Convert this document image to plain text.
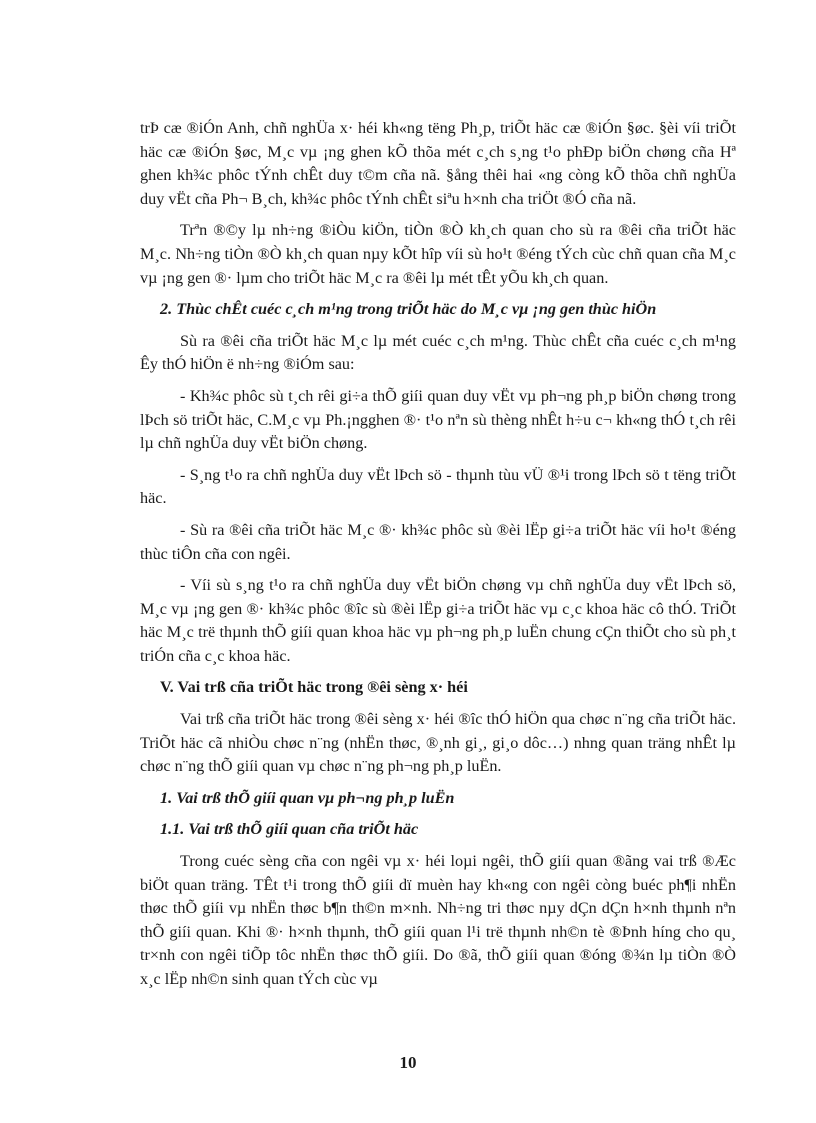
trÞ cæ ®iÓn Anh, chñ nghÜa x· héi kh«ng tëng Ph¸p, triÕt häc cæ ®iÓn §øc. §èi víi triÕt häc cæ ®iÓn §øc, M¸c vµ ¡ng ghen kÕ thõa mét c¸ch s¸ng t¹o phÐp biÖn chøng cña Hª ghen kh¾c phôc tÝnh chÊt duy t©m cña nã. §ång thêi hai «ng còng kÕ thõa chñ nghÜa duy vËt cña Ph¬ B¸ch, kh¾c phôc tÝnh chÊt siªu h×nh cha triÖt ®Ó cña nã.

Trªn ®©y lµ nh÷ng ®iÒu kiÖn, tiÒn ®Ò kh¸ch quan cho sù ra ®êi cña triÕt häc M¸c. Nh÷ng tiÒn ®Ò kh¸ch quan nµy kÕt hîp víi sù ho¹t ®éng tÝch cùc chñ quan cña M¸c vµ ¡ng gen ®· lµm cho triÕt häc M¸c ra ®êi lµ mét tÊt yÕu kh¸ch quan.

2. Thùc chÊt cuéc c¸ch m¹ng trong triÕt häc do M¸c vµ ¡ng gen thùc hiÖn

Sù ra ®êi cña triÕt häc M¸c lµ mét cuéc c¸ch m¹ng. Thùc chÊt cña cuéc c¸ch m¹ng Êy thÓ hiÖn ë nh÷ng ®iÓm sau:

- Kh¾c phôc sù t¸ch rêi gi÷a thÕ giíi quan duy vËt vµ ph¬ng ph¸p biÖn chøng trong lÞch sö triÕt häc, C.M¸c vµ Ph.¡ngghen ®· t¹o nªn sù thèng nhÊt h÷u c¬ kh«ng thÓ t¸ch rêi lµ chñ nghÜa duy vËt biÖn chøng.

- S¸ng t¹o ra chñ nghÜa duy vËt lÞch sö - thµnh tùu vÜ ®¹i trong lÞch sö t tëng triÕt häc.

- Sù ra ®êi cña triÕt häc M¸c ®· kh¾c phôc sù ®èi lËp gi÷a triÕt häc víi ho¹t ®éng thùc tiÔn cña con ngêi.

- Víi sù s¸ng t¹o ra chñ nghÜa duy vËt biÖn chøng vµ chñ nghÜa duy vËt lÞch sö, M¸c vµ ¡ng gen ®· kh¾c phôc ®îc sù ®èi lËp gi÷a triÕt häc vµ c¸c khoa häc cô thÓ. TriÕt häc M¸c trë thµnh thÕ giíi quan khoa häc vµ ph¬ng ph¸p luËn chung cÇn thiÕt cho sù ph¸t triÓn cña c¸c khoa häc.

V. Vai trß cña triÕt häc trong ®êi sèng x· héi

Vai trß cña triÕt häc trong ®êi sèng x· héi ®îc thÓ hiÖn qua chøc n¨ng cña triÕt häc. TriÕt häc cã nhiÒu chøc n¨ng (nhËn thøc, ®¸nh gi¸, gi¸o dôc…) nhng quan träng nhÊt lµ chøc n¨ng thÕ giíi quan vµ chøc n¨ng ph¬ng ph¸p luËn.

1. Vai trß thÕ giíi quan vµ ph¬ng ph¸p luËn
1.1. Vai trß thÕ giíi quan cña triÕt häc

Trong cuéc sèng cña con ngêi vµ x· héi loµi ngêi, thÕ giíi quan ®ãng vai trß ®Æc biÖt quan träng. TÊt t¹i trong thÕ giíi dï muèn hay kh«ng con ngêi còng buéc ph¶i nhËn thøc thÕ giíi vµ nhËn thøc b¶n th©n m×nh. Nh÷ng tri thøc nµy dÇn dÇn h×nh thµnh nªn thÕ giíi quan. Khi ®· h×nh thµnh, thÕ giíi quan l¹i trë thµnh nh©n tè ®Þnh híng cho qu¸ tr×nh con ngêi tiÕp tôc nhËn thøc thÕ giíi. Do ®ã, thÕ giíi quan ®óng ®¾n lµ tiÒn ®Ò x¸c lËp nh©n sinh quan tÝch cùc vµ

10
